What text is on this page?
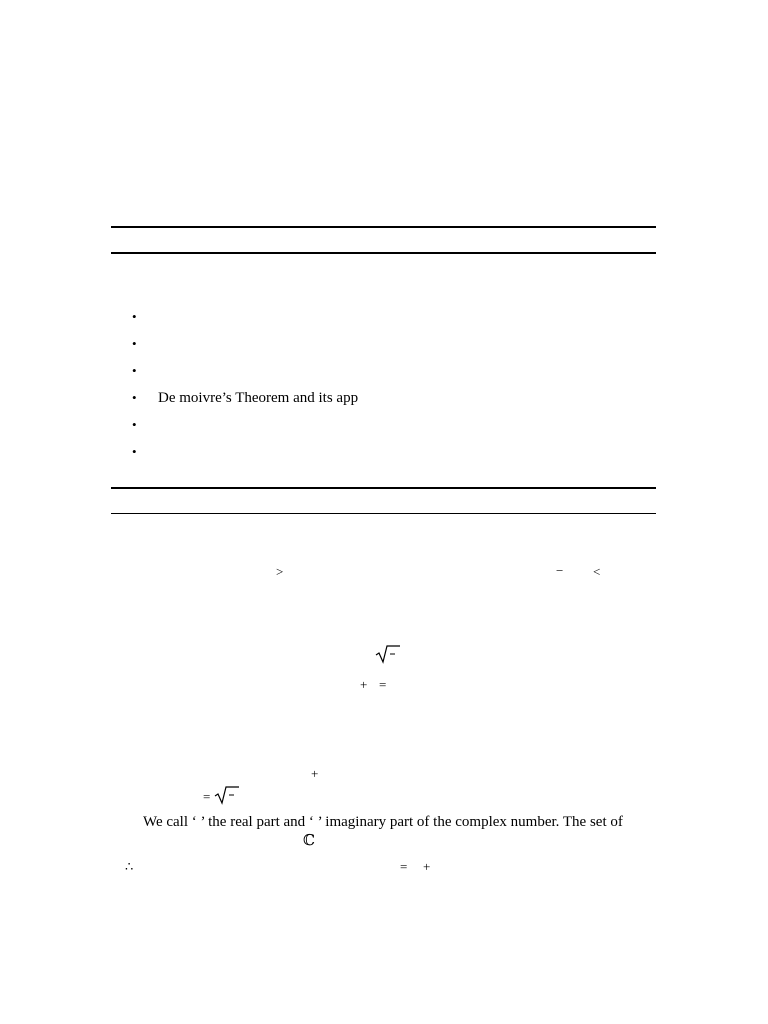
•
•
•
•	De moivre’s Theorem and its app
•
•
>	− <
+ =
+
=
We call ‘ ’ the real part and ‘ ’ imaginary part of the complex number. The set of
ℂ
∴	= +
